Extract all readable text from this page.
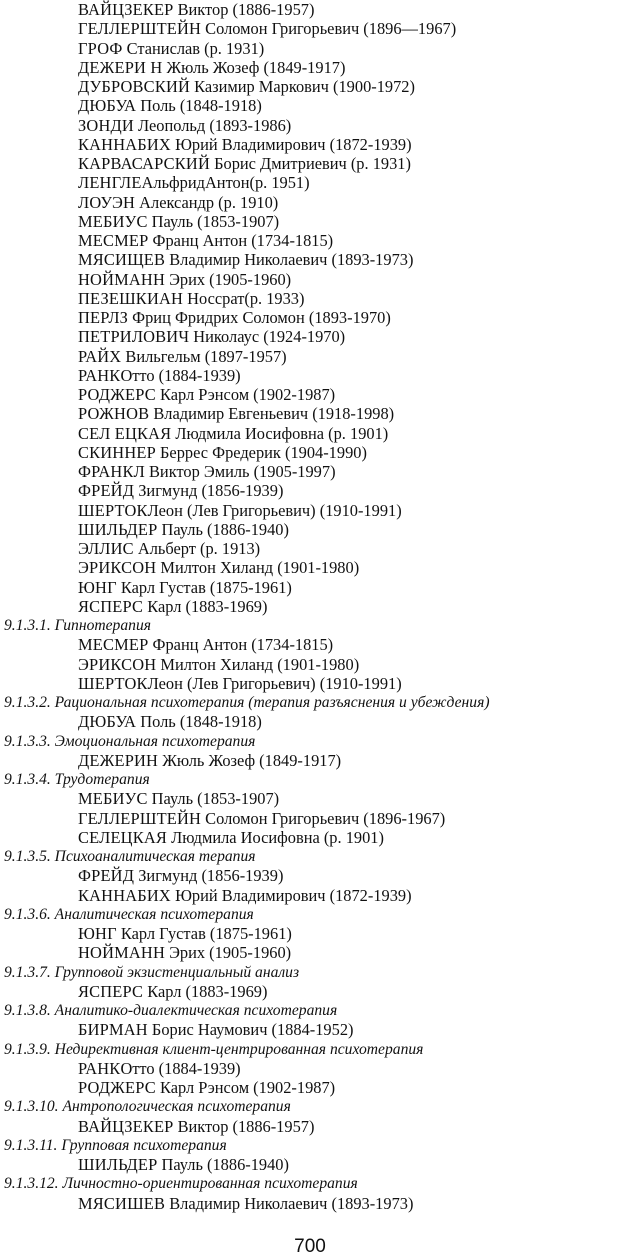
ВАЙЦЗЕКЕР Виктор (1886-1957)
ГЕЛЛЕРШТЕЙН Соломон Григорьевич (1896—1967)
ГРОФ Станислав (р. 1931)
ДЕЖЕРИ Н Жюль Жозеф (1849-1917)
ДУБРОВСКИЙ Казимир Маркович (1900-1972)
ДЮБУА Поль (1848-1918)
ЗОНДИ Леопольд (1893-1986)
КАННАБИХ Юрий Владимирович (1872-1939)
КАРВАСАРСКИЙ Борис Дмитриевич (р. 1931)
ЛЕНГЛЕАльфридАнтон(р. 1951)
ЛОУЭН Александр (р. 1910)
МЕБИУС Пауль (1853-1907)
МЕСМЕР Франц Антон (1734-1815)
МЯСИЩЕВ Владимир Николаевич (1893-1973)
НОЙМАНН Эрих (1905-1960)
ПЕЗЕШКИАН Носсрат(р. 1933)
ПЕРЛЗ Фриц Фридрих Соломон (1893-1970)
ПЕТРИЛОВИЧ Николаус (1924-1970)
РАЙХ Вильгельм (1897-1957)
РАНКОтто (1884-1939)
РОДЖЕРС Карл Рэнсом (1902-1987)
РОЖНОВ Владимир Евгеньевич (1918-1998)
СЕЛ ЕЦКАЯ Людмила Иосифовна (р. 1901)
СКИННЕР Беррес Фредерик (1904-1990)
ФРАНКЛ Виктор Эмиль (1905-1997)
ФРЕЙД Зигмунд (1856-1939)
ШЕРТОКЛеон (Лев Григорьевич) (1910-1991)
ШИЛЬДЕР Пауль (1886-1940)
ЭЛЛИС Альберт (р. 1913)
ЭРИКСОН Милтон Хиланд (1901-1980)
ЮНГ Карл Густав (1875-1961)
ЯСПЕРС Карл (1883-1969)
9.1.3.1. Гипнотерапия
МЕСМЕР Франц Антон (1734-1815)
ЭРИКСОН Милтон Хиланд (1901-1980)
ШЕРТОКЛеон (Лев Григорьевич) (1910-1991)
9.1.3.2. Рациональная психотерапия (терапия разъяснения и убеждения)
ДЮБУА Поль (1848-1918)
9.1.3.3. Эмоциональная психотерапия
ДЕЖЕРИН Жюль Жозеф (1849-1917)
9.1.3.4. Трудотерапия
МЕБИУС Пауль (1853-1907)
ГЕЛЛЕРШТЕЙН Соломон Григорьевич (1896-1967)
СЕЛЕЦКАЯ Людмила Иосифовна (р. 1901)
9.1.3.5. Психоаналитическая терапия
ФРЕЙД Зигмунд (1856-1939)
КАННАБИХ Юрий Владимирович (1872-1939)
9.1.3.6. Аналитическая психотерапия
ЮНГ Карл Густав (1875-1961)
НОЙМАНН Эрих (1905-1960)
9.1.3.7. Групповой экзистенциальный анализ
ЯСПЕРС Карл (1883-1969)
9.1.3.8. Аналитико-диалектическая психотерапия
БИРМАН Борис Наумович (1884-1952)
9.1.3.9. Недирективная клиент-центрированная психотерапия
РАНКОтто (1884-1939)
РОДЖЕРС Карл Рэнсом (1902-1987)
9.1.3.10. Антропологическая психотерапия
ВАЙЦЗЕКЕР Виктор (1886-1957)
9.1.3.11. Групповая психотерапия
ШИЛЬДЕР Пауль (1886-1940)
9.1.3.12. Личностно-ориентированная психотерапия
МЯСИШЕВ Владимир Николаевич (1893-1973)
700
